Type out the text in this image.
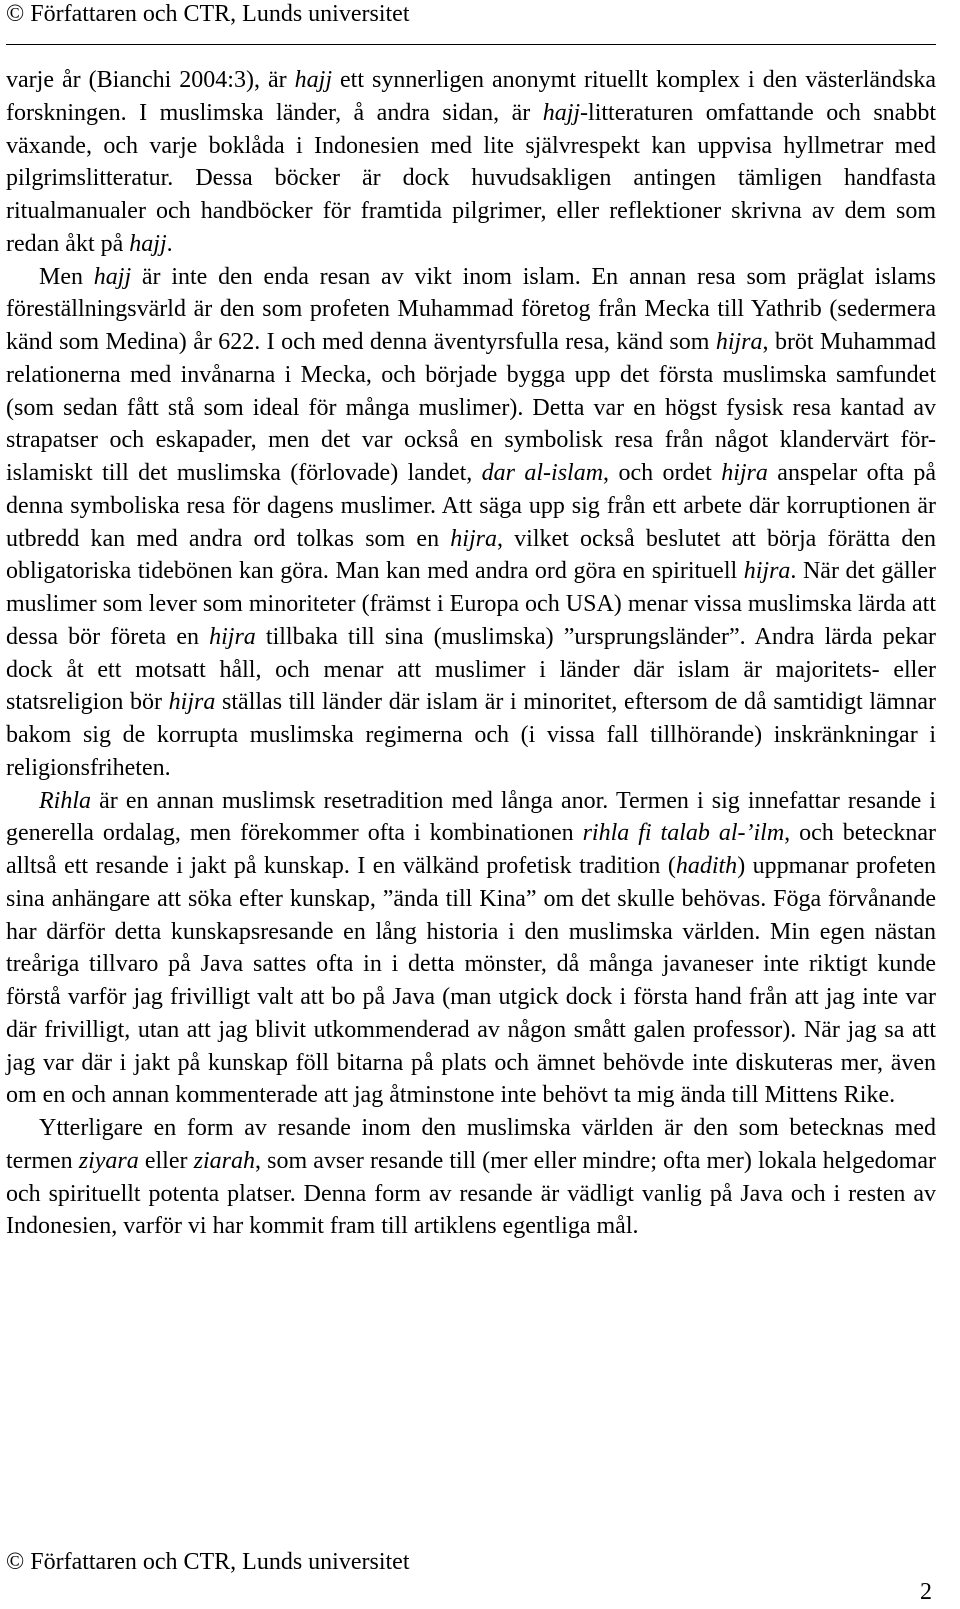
© Författaren och CTR, Lunds universitet

varje år (Bianchi 2004:3), är hajj ett synnerligen anonymt rituellt komplex i den västerländska forskningen. I muslimska länder, å andra sidan, är hajj-litteraturen omfattande och snabbt växande, och varje boklåda i Indonesien med lite självrespekt kan uppvisa hyllmetrar med pilgrimslitteratur. Dessa böcker är dock huvudsakligen antingen tämligen handfasta ritualmanualer och handböcker för framtida pilgrimer, eller reflektioner skrivna av dem som redan åkt på hajj.

Men hajj är inte den enda resan av vikt inom islam. En annan resa som präglat islams föreställningsvärld är den som profeten Muhammad företog från Mecka till Yathrib (sedermera känd som Medina) år 622. I och med denna äventyrsfulla resa, känd som hijra, bröt Muhammad relationerna med invånarna i Mecka, och började bygga upp det första muslimska samfundet (som sedan fått stå som ideal för många muslimer). Detta var en högst fysisk resa kantad av strapatser och eskapader, men det var också en symbolisk resa från något klandervärt för-islamiskt till det muslimska (förlovade) landet, dar al-islam, och ordet hijra anspelar ofta på denna symboliska resa för dagens muslimer. Att säga upp sig från ett arbete där korruptionen är utbredd kan med andra ord tolkas som en hijra, vilket också beslutet att börja förätta den obligatoriska tidebönen kan göra. Man kan med andra ord göra en spirituell hijra. När det gäller muslimer som lever som minoriteter (främst i Europa och USA) menar vissa muslimska lärda att dessa bör företa en hijra tillbaka till sina (muslimska) ”ursprungsländer”. Andra lärda pekar dock åt ett motsatt håll, och menar att muslimer i länder där islam är majoritets- eller statsreligion bör hijra ställas till länder där islam är i minoritet, eftersom de då samtidigt lämnar bakom sig de korrupta muslimska regimerna och (i vissa fall tillhörande) inskränkningar i religionsfriheten.

Rihla är en annan muslimsk resetradition med långa anor. Termen i sig innefattar resande i generella ordalag, men förekommer ofta i kombinationen rihla fi talab al-’ilm, och betecknar alltså ett resande i jakt på kunskap. I en välkänd profetisk tradition (hadith) uppmanar profeten sina anhängare att söka efter kunskap, ”ända till Kina” om det skulle behövas. Föga förvånande har därför detta kunskapsresande en lång historia i den muslimska världen. Min egen nästan treåriga tillvaro på Java sattes ofta in i detta mönster, då många javaneser inte riktigt kunde förstå varför jag frivilligt valt att bo på Java (man utgick dock i första hand från att jag inte var där frivilligt, utan att jag blivit utkommenderad av någon smått galen professor). När jag sa att jag var där i jakt på kunskap föll bitarna på plats och ämnet behövde inte diskuteras mer, även om en och annan kommenterade att jag åtminstone inte behövt ta mig ända till Mittens Rike.

Ytterligare en form av resande inom den muslimska världen är den som betecknas med termen ziyara eller ziarah, som avser resande till (mer eller mindre; ofta mer) lokala helgedomar och spirituellt potenta platser. Denna form av resande är vädligt vanlig på Java och i resten av Indonesien, varför vi har kommit fram till artiklens egentliga mål.

© Författaren och CTR, Lunds universitet
2
